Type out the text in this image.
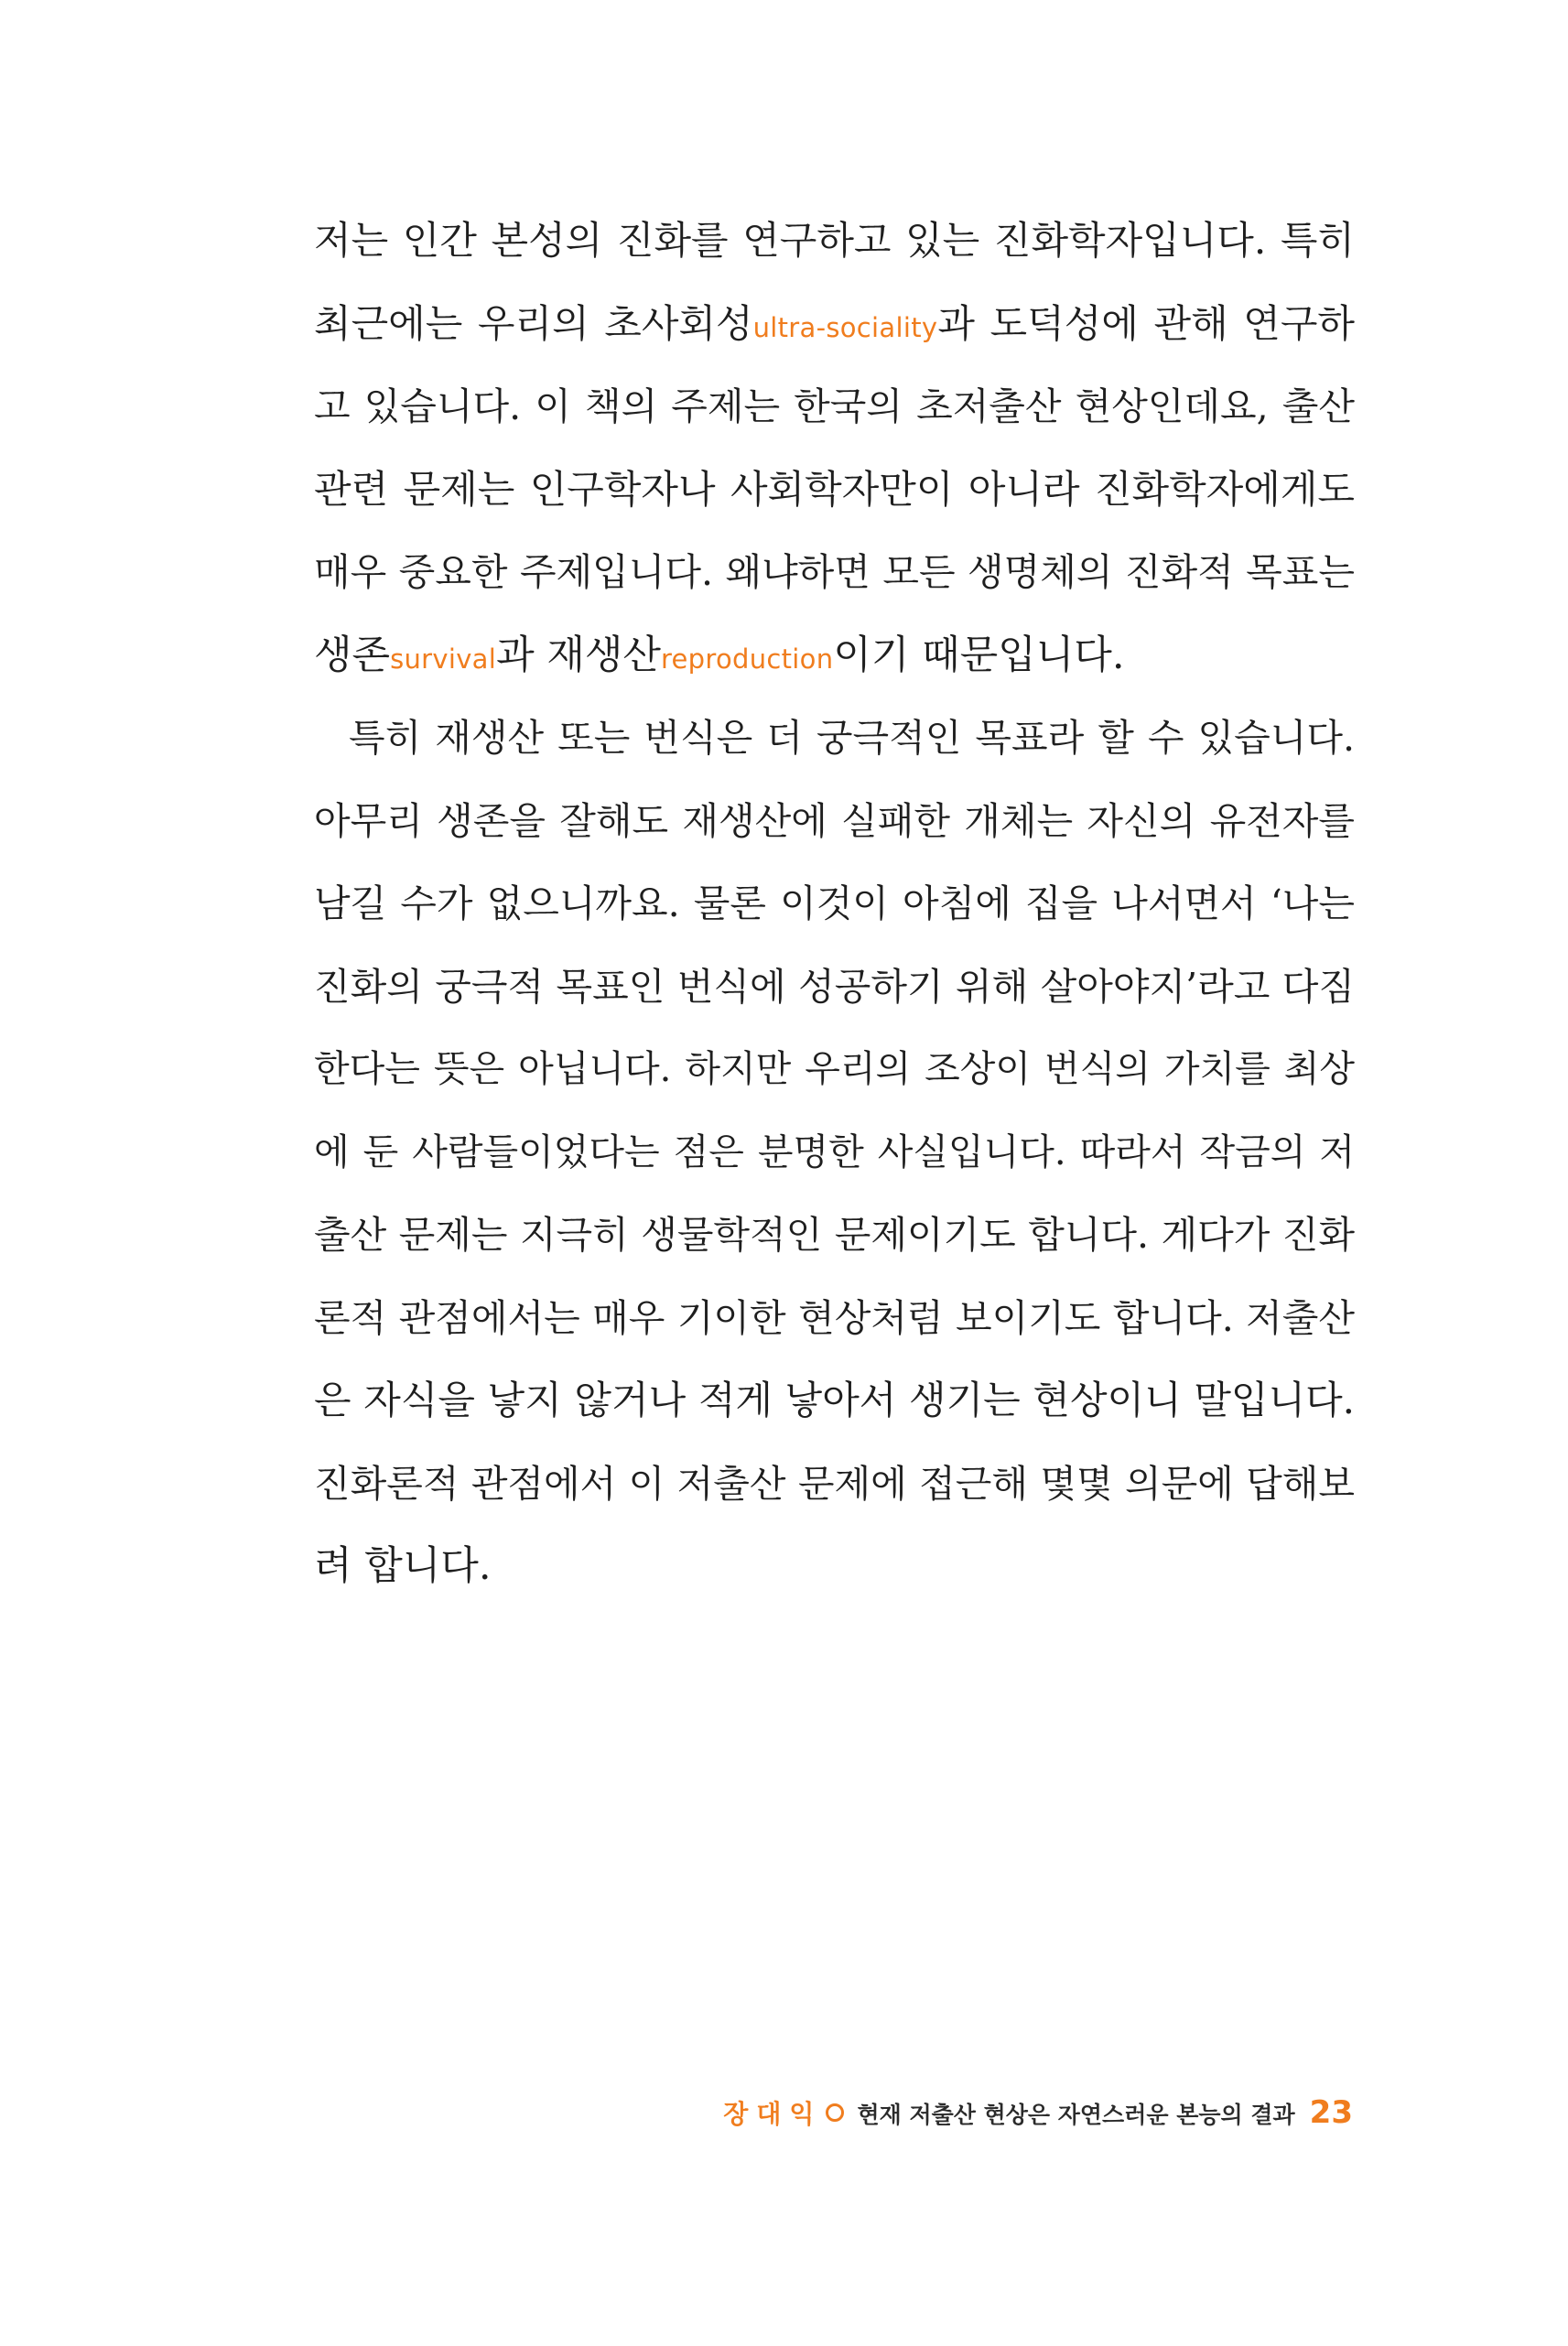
저는 인간 본성의 진화를 연구하고 있는 진화학자입니다. 특히
최근에는 우리의 초사회성ultra-sociality과 도덕성에 관해 연구하
고 있습니다. 이 책의 주제는 한국의 초저출산 현상인데요, 출산
관련 문제는 인구학자나 사회학자만이 아니라 진화학자에게도
매우 중요한 주제입니다. 왜냐하면 모든 생명체의 진화적 목표는
생존survival과 재생산reproduction이기 때문입니다.
특히 재생산 또는 번식은 더 궁극적인 목표라 할 수 있습니다.
아무리 생존을 잘해도 재생산에 실패한 개체는 자신의 유전자를
남길 수가 없으니까요. 물론 이것이 아침에 집을 나서면서 ‘나는
진화의 궁극적 목표인 번식에 성공하기 위해 살아야지’라고 다짐
한다는 뜻은 아닙니다. 하지만 우리의 조상이 번식의 가치를 최상
에 둔 사람들이었다는 점은 분명한 사실입니다. 따라서 작금의 저
출산 문제는 지극히 생물학적인 문제이기도 합니다. 게다가 진화
론적 관점에서는 매우 기이한 현상처럼 보이기도 합니다. 저출산
은 자식을 낳지 않거나 적게 낳아서 생기는 현상이니 말입니다.
진화론적 관점에서 이 저출산 문제에 접근해 몇몇 의문에 답해보
려 합니다.
장대익 현재 저출산 현상은 자연스러운 본능의 결과 23
